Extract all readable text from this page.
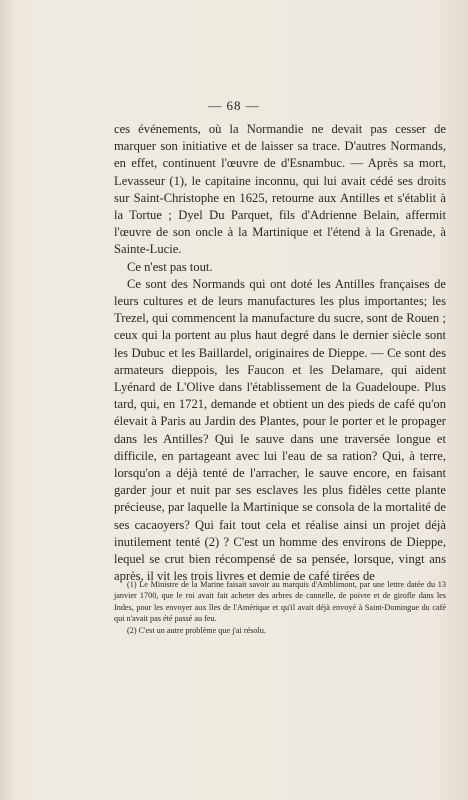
— 68 —

ces événements, où la Normandie ne devait pas cesser de marquer son initiative et de laisser sa trace. D'autres Normands, en effet, continuent l'œuvre de d'Esnambuc. — Après sa mort, Levasseur (1), le capitaine inconnu, qui lui avait cédé ses droits sur Saint-Christophe en 1625, retourne aux Antilles et s'établit à la Tortue ; Dyel Du Parquet, fils d'Adrienne Belain, affermit l'œuvre de son oncle à la Martinique et l'étend à la Grenade, à Sainte-Lucie.

Ce n'est pas tout.

Ce sont des Normands qui ont doté les Antilles françaises de leurs cultures et de leurs manufactures les plus importantes; les Trezel, qui commencent la manufacture du sucre, sont de Rouen ; ceux qui la portent au plus haut degré dans le dernier siècle sont les Dubuc et les Baillardel, originaires de Dieppe. — Ce sont des armateurs dieppois, les Faucon et les Delamare, qui aident Lyénard de L'Olive dans l'établissement de la Guadeloupe. Plus tard, qui, en 1721, demande et obtient un des pieds de café qu'on élevait à Paris au Jardin des Plantes, pour le porter et le propager dans les Antilles? Qui le sauve dans une traversée longue et difficile, en partageant avec lui l'eau de sa ration? Qui, à terre, lorsqu'on a déjà tenté de l'arracher, le sauve encore, en faisant garder jour et nuit par ses esclaves les plus fidèles cette plante précieuse, par laquelle la Martinique se consola de la mortalité de ses cacaoyers? Qui fait tout cela et réalise ainsi un projet déjà inutilement tenté (2) ? C'est un homme des environs de Dieppe, lequel se crut bien récompensé de sa pensée, lorsque, vingt ans après, il vit les trois livres et demie de café tirées de

(1) Le Ministre de la Marine faisait savoir au marquis d'Amblimont, par une lettre datée du 13 janvier 1700, que le roi avait fait acheter des arbres de cannelle, de poivre et de girofle dans les Indes, pour les envoyer aux îles de l'Amérique et qu'il avait déjà envoyé à Saint-Domingue du café qui n'avait pas été passé au feu.

(2) C'est un autre problème que j'ai résolu.
